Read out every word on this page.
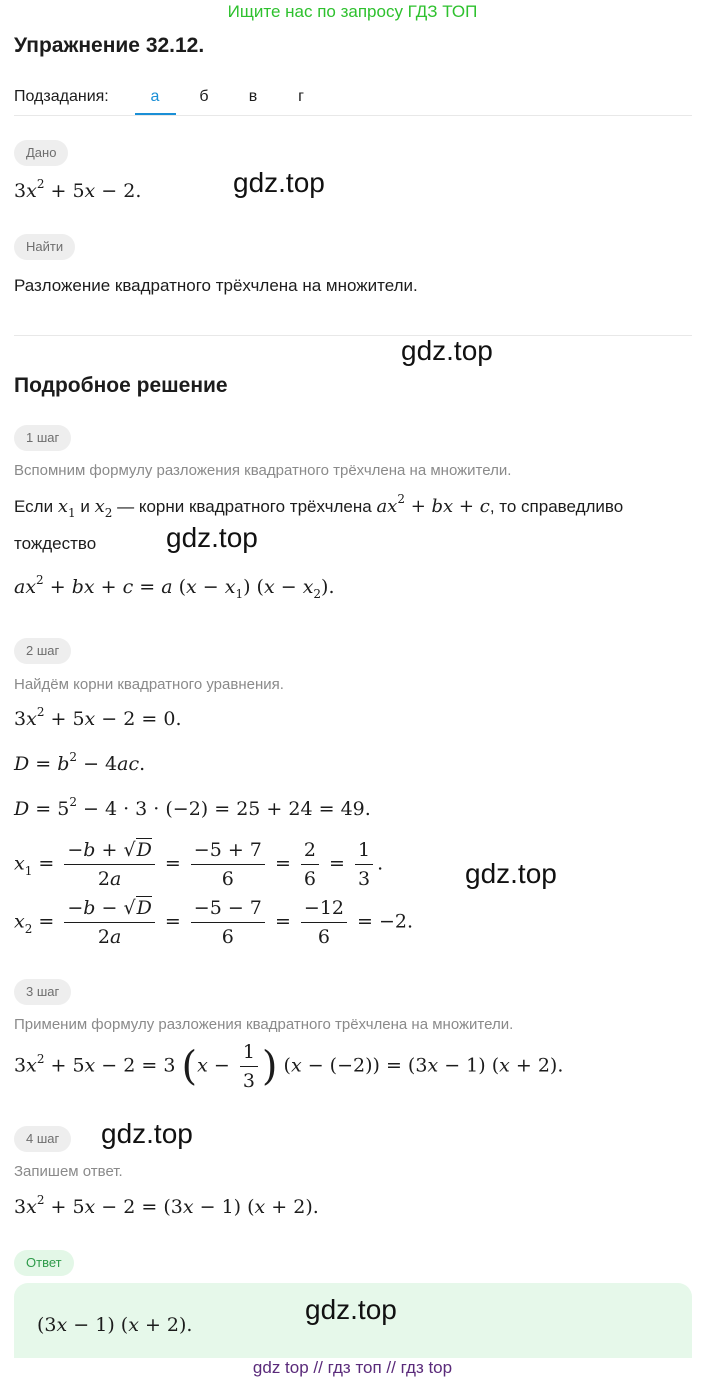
Ищите нас по запросу ГДЗ ТОП
Упражнение 32.12.
Подзадания:	а	б	в	г
Дано
$3x^2 + 5x - 2$.
Найти
Разложение квадратного трёхчлена на множители.
Подробное решение
1 шаг
Вспомним формулу разложения квадратного трёхчлена на множители.
Если $x_1$ и $x_2$ — корни квадратного трёхчлена $ax^2$ + bx + c, то справедливо
тождество
$ax^2$ + bx + c = a $(x - x_1)$ $(x - x_2)$.
2 шаг
Найдём корни квадратного уравнения.
$3x^2 + 5x - 2 = 0$.
$D = b^2 - 4ac$.
$D = 5^2 - 4 \cdot 3 \cdot (-2) = 25 + 24 = 49$.
$x_1 = \frac{-b + √D}{2a} = \frac{-5 + 7}{6} = \frac{2}{6} = \frac{1}{3}$ .
$x_2 = \frac{-b - √D}{2a} = \frac{-5 - 7}{6} = \frac{-12}{6} = -2$.
3 шаг
Применим формулу разложения квадратного трёхчлена на множители.
$3x^2 + 5x - 2 = 3$ ($x - \frac{1}{3}$ ) (x − (−2)) = (3x − 1) (x + 2).
4 шаг
Запишем ответ.
$3x^2 + 5x - 2 = (3x - 1) (x + 2)$.
Ответ
(3x − 1) (x + 2).
gdz.top
gdz.top
gdz.top
gdz.top
gdz.top
gdz.top
gdz top // гдз топ // гдз top
